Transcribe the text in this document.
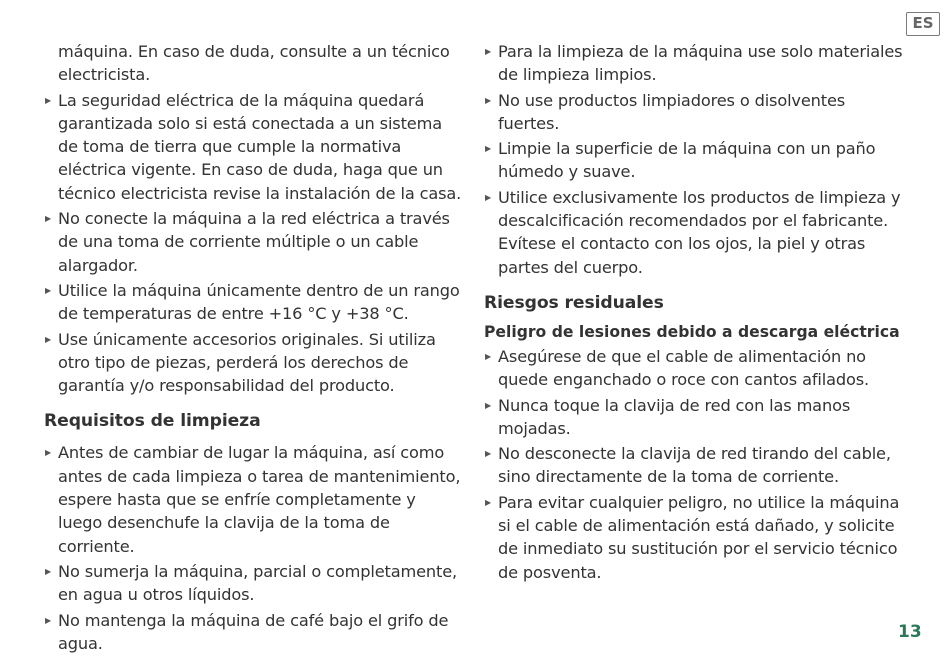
ES

máquina. En caso de duda, consulte a un técnico electricista.

▶ La seguridad eléctrica de la máquina quedará garantizada solo si está conectada a un sistema de toma de tierra que cumple la normativa eléctrica vigente. En caso de duda, haga que un técnico electricista revise la instalación de la casa.
▶ No conecte la máquina a la red eléctrica a través de una toma de corriente múltiple o un cable alargador.
▶ Utilice la máquina únicamente dentro de un rango de temperaturas de entre +16 °C y +38 °C.
▶ Use únicamente accesorios originales. Si utiliza otro tipo de piezas, perderá los derechos de garantía y/o responsabilidad del producto.
Requisitos de limpieza
▶ Antes de cambiar de lugar la máquina, así como antes de cada limpieza o tarea de mantenimiento, espere hasta que se enfríe completamente y luego desenchufe la clavija de la toma de corriente.
▶ No sumerja la máquina, parcial o completamente, en agua u otros líquidos.
▶ No mantenga la máquina de café bajo el grifo de agua.
▶ Para la limpieza de la máquina use solo materiales de limpieza limpios.
▶ No use productos limpiadores o disolventes fuertes.
▶ Limpie la superficie de la máquina con un paño húmedo y suave.
▶ Utilice exclusivamente los productos de limpieza y descalcificación recomendados por el fabricante. Evítese el contacto con los ojos, la piel y otras partes del cuerpo.
Riesgos residuales
Peligro de lesiones debido a descarga eléctrica
▶ Asegúrese de que el cable de alimentación no quede enganchado o roce con cantos afilados.
▶ Nunca toque la clavija de red con las manos mojadas.
▶ No desconecte la clavija de red tirando del cable, sino directamente de la toma de corriente.
▶ Para evitar cualquier peligro, no utilice la máquina si el cable de alimentación está dañado, y solicite de inmediato su sustitución por el servicio técnico de posventa.
13
